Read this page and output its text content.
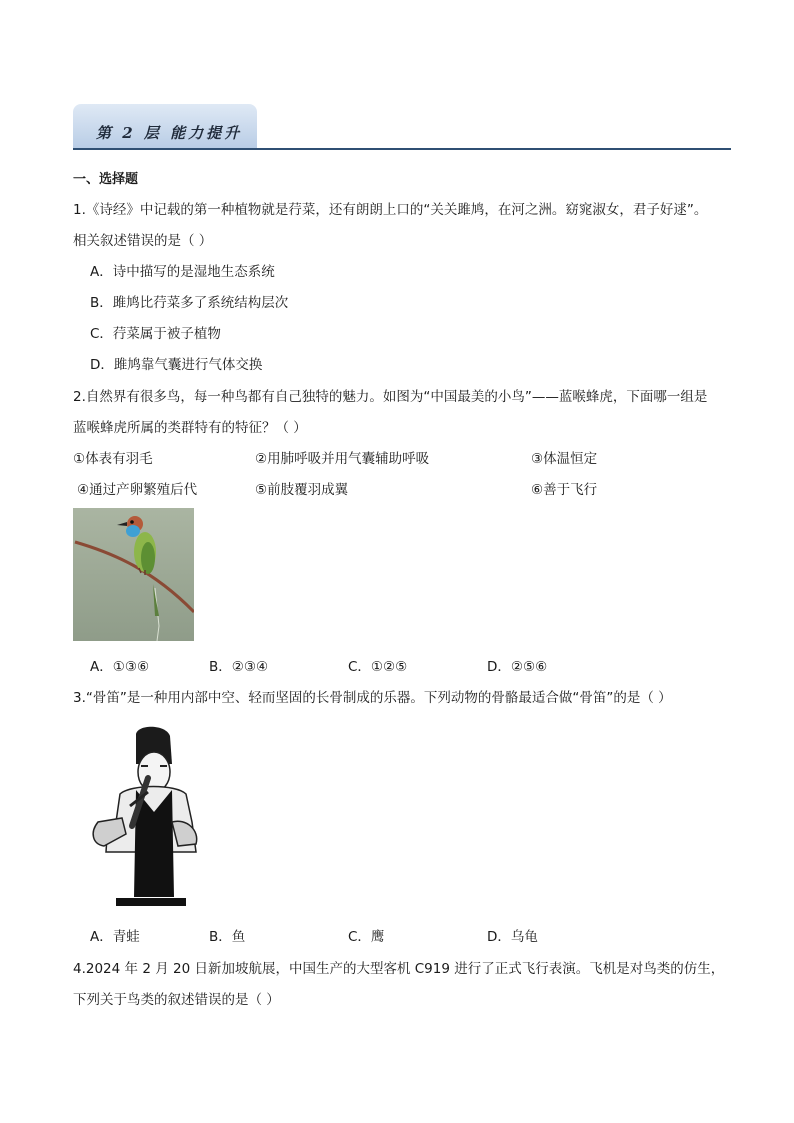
第 2 层 能力提升
一、选择题
1.《诗经》中记载的第一种植物就是荇菜，还有朗朗上口的“关关雎鸠，在河之洲。窈窕淑女，君子好逑”。
相关叙述错误的是（ ）
A．诗中描写的是湿地生态系统
B．雎鸠比荇菜多了系统结构层次
C．荇菜属于被子植物
D．雎鸠靠气囊进行气体交换
2.自然界有很多鸟，每一种鸟都有自己独特的魅力。如图为“中国最美的小鸟”——蓝喉蜂虎，下面哪一组是
蓝喉蜂虎所属的类群特有的特征？（ ）
①体表有羽毛	②用肺呼吸并用气囊辅助呼吸	③体温恒定
④通过产卵繁殖后代	⑤前肢覆羽成翼	⑥善于飞行
A．①③⑥	B．②③④	C．①②⑤	D．②⑤⑥
3.“骨笛”是一种用内部中空、轻而坚固的长骨制成的乐器。下列动物的骨骼最适合做“骨笛”的是（ ）
A．青蛙	B．鱼	C．鹰	D．乌龟
4.2024 年 2 月 20 日新加坡航展，中国生产的大型客机 C919 进行了正式飞行表演。飞机是对鸟类的仿生，
下列关于鸟类的叙述错误的是（ ）
